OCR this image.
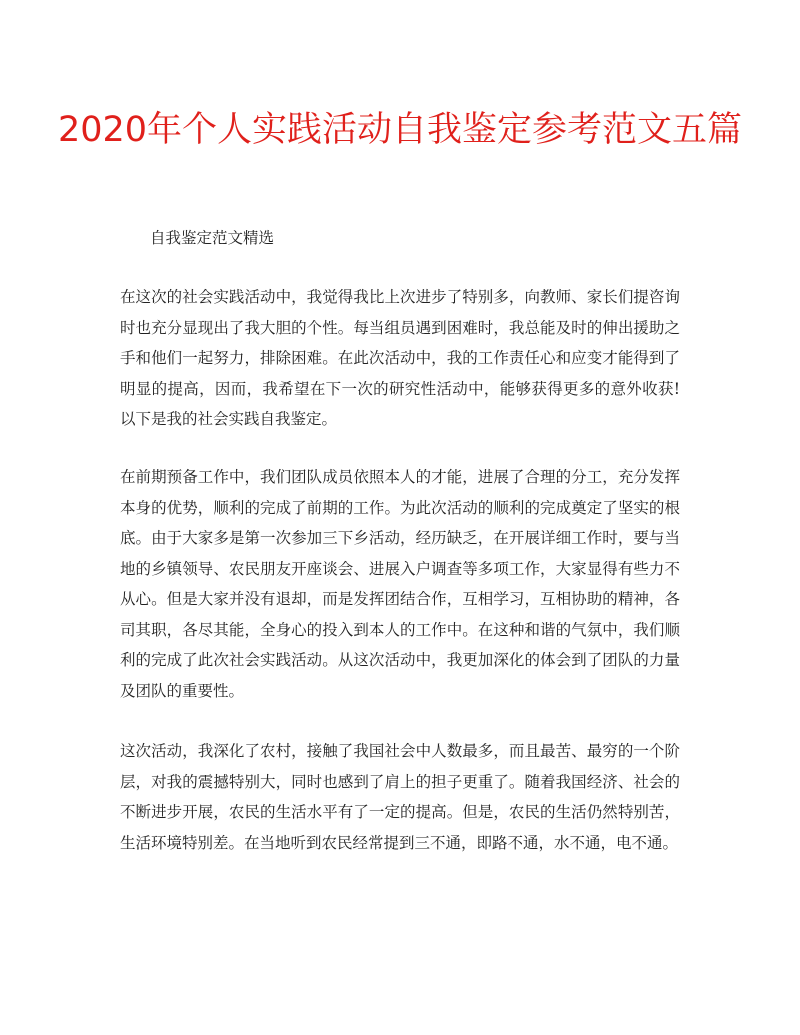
2020年个人实践活动自我鉴定参考范文五篇

自我鉴定范文精选

在这次的社会实践活动中，我觉得我比上次进步了特别多，向教师、家长们提咨询时也充分显现出了我大胆的个性。每当组员遇到困难时，我总能及时的伸出援助之手和他们一起努力，排除困难。在此次活动中，我的工作责任心和应变才能得到了明显的提高，因而，我希望在下一次的研究性活动中，能够获得更多的意外收获!以下是我的社会实践自我鉴定。

在前期预备工作中，我们团队成员依照本人的才能，进展了合理的分工，充分发挥本身的优势，顺利的完成了前期的工作。为此次活动的顺利的完成奠定了坚实的根底。由于大家多是第一次参加三下乡活动，经历缺乏，在开展详细工作时，要与当地的乡镇领导、农民朋友开座谈会、进展入户调查等多项工作，大家显得有些力不从心。但是大家并没有退却，而是发挥团结合作，互相学习，互相协助的精神，各司其职，各尽其能，全身心的投入到本人的工作中。在这种和谐的气氛中，我们顺利的完成了此次社会实践活动。从这次活动中，我更加深化的体会到了团队的力量及团队的重要性。

这次活动，我深化了农村，接触了我国社会中人数最多，而且最苦、最穷的一个阶层，对我的震撼特别大，同时也感到了肩上的担子更重了。随着我国经济、社会的不断进步开展，农民的生活水平有了一定的提高。但是，农民的生活仍然特别苦，生活环境特别差。在当地听到农民经常提到三不通，即路不通，水不通，电不通。
